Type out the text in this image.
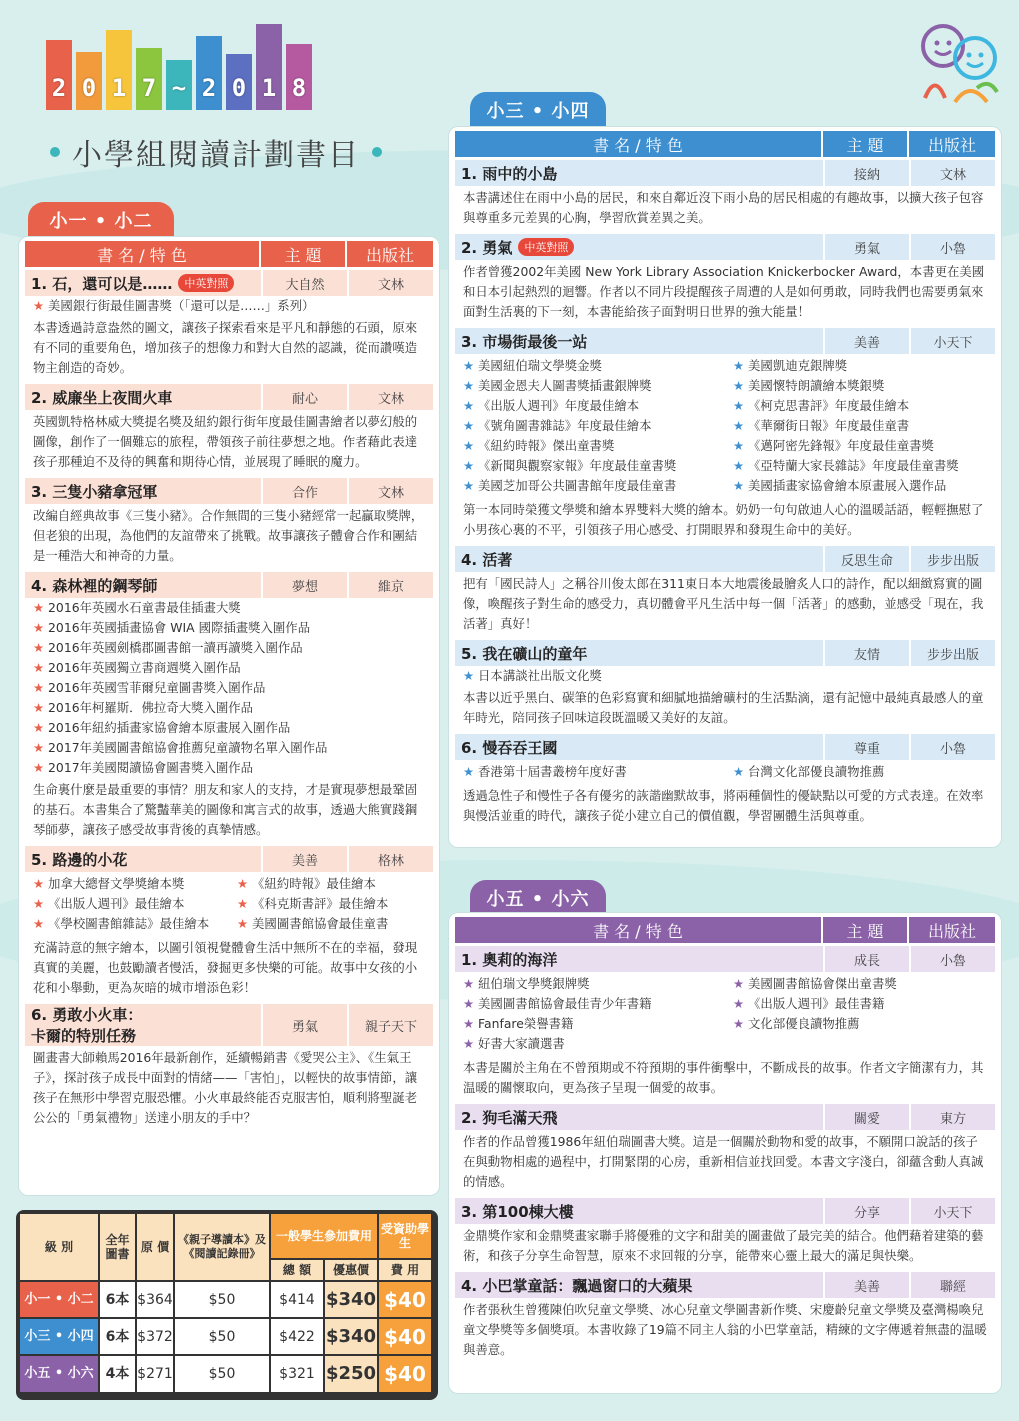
2 0 1 7 ~ 2 0 1 8
小學組閱讀計劃書目
小一 • 小二
書 名 / 特 色	主 題	出版社
1. 石，還可以是……	中英對照	大自然	文林
★ 美國銀行街最佳圖書獎（「還可以是……」系列）
本書透過詩意盎然的圖文，讓孩子探索看來是平凡和靜態的石頭，原來有不同的重要角色，增加孩子的想像力和對大自然的認識，從而讚嘆造物主創造的奇妙。
2. 威廉坐上夜間火車	耐心	文林
英國凱特格林威大獎提名獎及紐約銀行街年度最佳圖書繪者以夢幻般的圖像，創作了一個難忘的旅程，帶領孩子前往夢想之地。作者藉此表達孩子那種迫不及待的興奮和期待心情，並展現了睡眠的魔力。
3. 三隻小豬拿冠軍	合作	文林
改編自經典故事《三隻小豬》。合作無間的三隻小豬經常一起贏取獎牌，但老狼的出現，為他們的友誼帶來了挑戰。故事讓孩子體會合作和團結是一種浩大和神奇的力量。
4. 森林裡的鋼琴師	夢想	維京
★ 2016年英國水石童書最佳插畫大獎
★ 2016年英國插畫協會 WIA 國際插畫獎入圍作品
★ 2016年英國劍橋郡圖書館一讀再讀獎入圍作品
★ 2016年英國獨立書商週獎入圍作品
★ 2016年英國雪菲爾兒童圖書獎入圍作品
★ 2016年柯羅斯．佛拉奇大獎入圍作品
★ 2016年紐約插畫家協會繪本原畫展入圍作品
★ 2017年美國圖書館協會推薦兒童讀物名單入圍作品
★ 2017年美國閱讀協會圖書獎入圍作品
生命裏什麼是最重要的事情？朋友和家人的支持，才是實現夢想最鞏固的基石。本書集合了驚豔華美的圖像和寓言式的故事，透過大熊實踐鋼琴師夢，讓孩子感受故事背後的真摯情感。
5. 路邊的小花	美善	格林
★ 加拿大總督文學獎繪本獎	★ 《紐約時報》最佳繪本
★ 《出版人週刊》最佳繪本	★ 《科克斯書評》最佳繪本
★ 《學校圖書館雜誌》最佳繪本	★ 美國圖書館協會最佳童書
充滿詩意的無字繪本，以圖引領視覺體會生活中無所不在的幸福，發現真實的美麗，也鼓勵讀者慢活，發掘更多快樂的可能。故事中女孩的小花和小舉動，更為灰暗的城市增添色彩！
6. 勇敢小火車：
卡爾的特別任務	勇氣	親子天下
圖畫書大師賴馬2016年最新創作，延續暢銷書《愛哭公主》、《生氣王子》，探討孩子成長中面對的情緒——「害怕」，以輕快的故事情節，讓孩子在無形中學習克服恐懼。小火車最終能否克服害怕，順利將聖誕老公公的「勇氣禮物」送達小朋友的手中？
小三 • 小四
書 名 / 特 色	主 題	出版社
1. 雨中的小島	接納	文林
本書講述住在雨中小島的居民，和來自鄰近沒下雨小島的居民相處的有趣故事，以擴大孩子包容與尊重多元差異的心胸，學習欣賞差異之美。
2. 勇氣	中英對照	勇氣	小魯
作者曾獲2002年美國 New York Library Association Knickerbocker Award，本書更在美國和日本引起熱烈的迴響。作者以不同片段提醒孩子周遭的人是如何勇敢，同時我們也需要勇氣來面對生活裏的下一刻，本書能給孩子面對明日世界的強大能量！
3. 市場街最後一站	美善	小天下
★ 美國紐伯瑞文學獎金獎	★ 美國凱迪克銀牌獎
★ 美國金恩夫人圖書獎插畫銀牌獎	★ 美國懷特朗讀繪本獎銀獎
★ 《出版人週刊》年度最佳繪本	★ 《柯克思書評》年度最佳繪本
★ 《號角圖書雜誌》年度最佳繪本	★ 《華爾街日報》年度最佳童書
★ 《紐約時報》傑出童書獎	★ 《邁阿密先鋒報》年度最佳童書獎
★ 《新聞與觀察家報》年度最佳童書獎	★ 《亞特蘭大家長雜誌》年度最佳童書獎
★ 美國芝加哥公共圖書館年度最佳童書	★ 美國插畫家協會繪本原畫展入選作品
第一本同時榮獲文學獎和繪本界雙料大獎的繪本。奶奶一句句啟迪人心的溫暖話語，輕輕撫慰了小男孩心裏的不平，引領孩子用心感受、打開眼界和發現生命中的美好。
4. 活著	反思生命	步步出版
把有「國民詩人」之稱谷川俊太郎在311東日本大地震後最膾炙人口的詩作，配以細緻寫實的圖像，喚醒孩子對生命的感受力，真切體會平凡生活中每一個「活著」的感動，並感受「現在，我活著」真好！
5. 我在礦山的童年	友情	步步出版
★ 日本講談社出版文化獎
本書以近乎黑白、碳筆的色彩寫實和細膩地描繪礦村的生活點滴，還有記憶中最純真最感人的童年時光，陪同孩子回味這段既溫暖又美好的友誼。
6. 慢吞吞王國	尊重	小魯
★ 香港第十屆書叢榜年度好書	★ 台灣文化部優良讀物推薦
透過急性子和慢性子各有優劣的詼諧幽默故事，將兩種個性的優缺點以可愛的方式表達。在效率與慢活並重的時代，讓孩子從小建立自己的價值觀，學習團體生活與尊重。
小五 • 小六
書 名 / 特 色	主 題	出版社
1. 奧莉的海洋	成長	小魯
★ 紐伯瑞文學獎銀牌獎	★ 美國圖書館協會傑出童書獎
★ 美國圖書館協會最佳青少年書籍	★ 《出版人週刊》最佳書籍
★ Fanfare榮譽書籍	★ 文化部優良讀物推薦
★ 好書大家讀選書
本書是關於主角在不曾預期或不符預期的事件衝擊中，不斷成長的故事。作者文字簡潔有力，其温暖的關懷取向，更為孩子呈現一個愛的故事。
2. 狗毛滿天飛	關愛	東方
作者的作品曾獲1986年紐伯瑞圖書大獎。這是一個關於動物和愛的故事，不願開口說話的孩子在與動物相處的過程中，打開緊閉的心房，重新相信並找回愛。本書文字淺白，卻蘊含動人真誠的情感。
3. 第100棟大樓	分享	小天下
金鼎獎作家和金鼎獎畫家聯手將優雅的文字和甜美的圖畫做了最完美的結合。他們藉着建築的藝術，和孩子分享生命智慧，原來不求回報的分享，能帶來心靈上最大的滿足與快樂。
4. 小巴掌童話：飄過窗口的大蘋果	美善	聯經
作者張秋生曾獲陳伯吹兒童文學獎、冰心兒童文學圖書新作獎、宋慶齡兒童文學獎及臺灣楊喚兒童文學獎等多個獎項。本書收錄了19篇不同主人翁的小巴掌童話，精練的文字傳遞着無盡的温暖與善意。
級 別	全年圖書 原 價
《親子導讀本》及《閱讀記錄冊》
一般學生參加費用 受資助學生
總 額	優惠價	費 用
小一 • 小二 6本 $364	$50	$414 $340 $40
小三 • 小四 6本 $372	$50	$422 $340 $40
小五 • 小六 4本 $271	$50	$321 $250 $40
